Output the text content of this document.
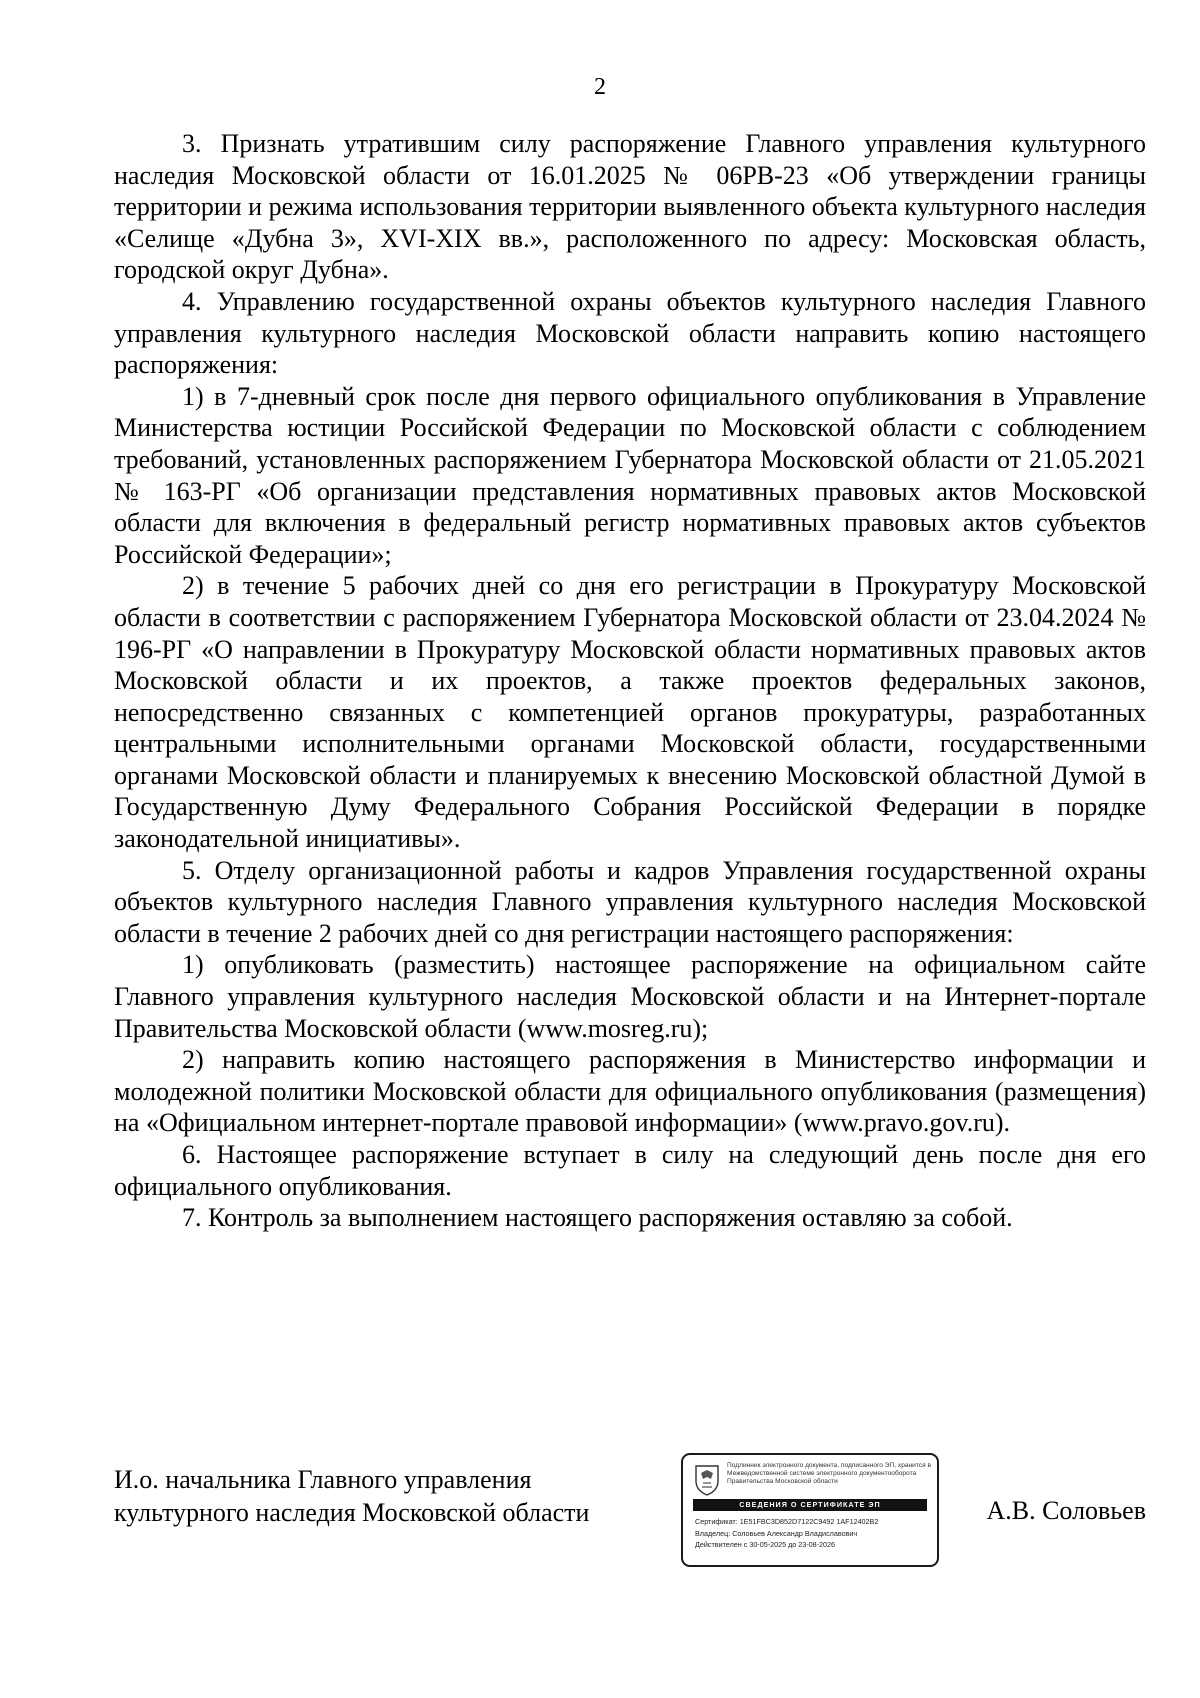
2

3. Признать утратившим силу распоряжение Главного управления культурного наследия Московской области от 16.01.2025 № 06РВ-23 «Об утверждении границы территории и режима использования территории выявленного объекта культурного наследия «Селище «Дубна 3», XVI-XIX вв.», расположенного по адресу: Московская область, городской округ Дубна».

4. Управлению государственной охраны объектов культурного наследия Главного управления культурного наследия Московской области направить копию настоящего распоряжения:

1) в 7-дневный срок после дня первого официального опубликования в Управление Министерства юстиции Российской Федерации по Московской области с соблюдением требований, установленных распоряжением Губернатора Московской области от 21.05.2021 № 163-РГ «Об организации представления нормативных правовых актов Московской области для включения в федеральный регистр нормативных правовых актов субъектов Российской Федерации»;

2) в течение 5 рабочих дней со дня его регистрации в Прокуратуру Московской области в соответствии с распоряжением Губернатора Московской области от 23.04.2024 № 196-РГ «О направлении в Прокуратуру Московской области нормативных правовых актов Московской области и их проектов, а также проектов федеральных законов, непосредственно связанных с компетенцией органов прокуратуры, разработанных центральными исполнительными органами Московской области, государственными органами Московской области и планируемых к внесению Московской областной Думой в Государственную Думу Федерального Собрания Российской Федерации в порядке законодательной инициативы».

5. Отделу организационной работы и кадров Управления государственной охраны объектов культурного наследия Главного управления культурного наследия Московской области в течение 2 рабочих дней со дня регистрации настоящего распоряжения:

1) опубликовать (разместить) настоящее распоряжение на официальном сайте Главного управления культурного наследия Московской области и на Интернет-портале Правительства Московской области (www.mosreg.ru);

2) направить копию настоящего распоряжения в Министерство информации и молодежной политики Московской области для официального опубликования (размещения) на «Официальном интернет-портале правовой информации» (www.pravo.gov.ru).

6. Настоящее распоряжение вступает в силу на следующий день после дня его официального опубликования.

7. Контроль за выполнением настоящего распоряжения оставляю за собой.

И.о. начальника Главного управления
культурного наследия Московской области
Подлинник электронного документа, подписанного ЭП, хранится в Межведомственной системе электронного документооборота Правительства Московской области
СВЕДЕНИЯ О СЕРТИФИКАТЕ ЭП
Сертификат: 1E51FBC3D852D7122C9492 1AF12402B2
Владелец: Соловьев Александр Владиславович
Действителен с 30-05-2025 до 23-08-2026
А.В. Соловьев
